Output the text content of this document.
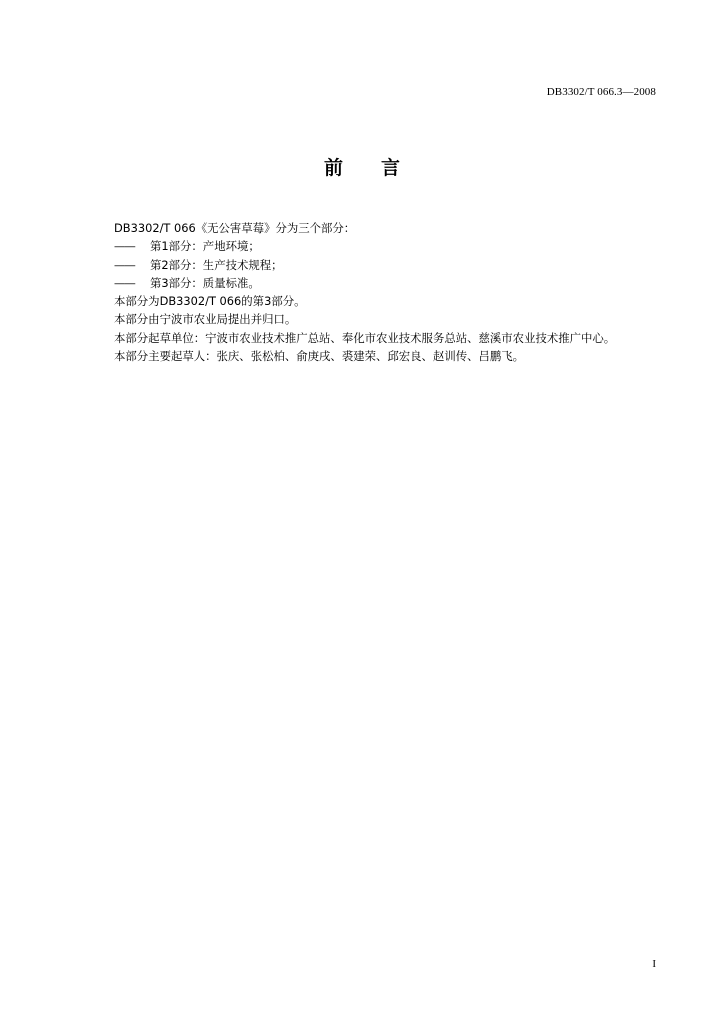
DB3302/T 066.3—2008
前 言
DB3302/T 066《无公害草莓》分为三个部分：
—— 第1部分：产地环境；
—— 第2部分：生产技术规程；
—— 第3部分：质量标准。
本部分为DB3302/T 066的第3部分。
本部分由宁波市农业局提出并归口。
本部分起草单位：宁波市农业技术推广总站、奉化市农业技术服务总站、慈溪市农业技术推广中心。
本部分主要起草人：张庆、张松柏、俞庚戌、裘建荣、邱宏良、赵训传、吕鹏飞。
I
